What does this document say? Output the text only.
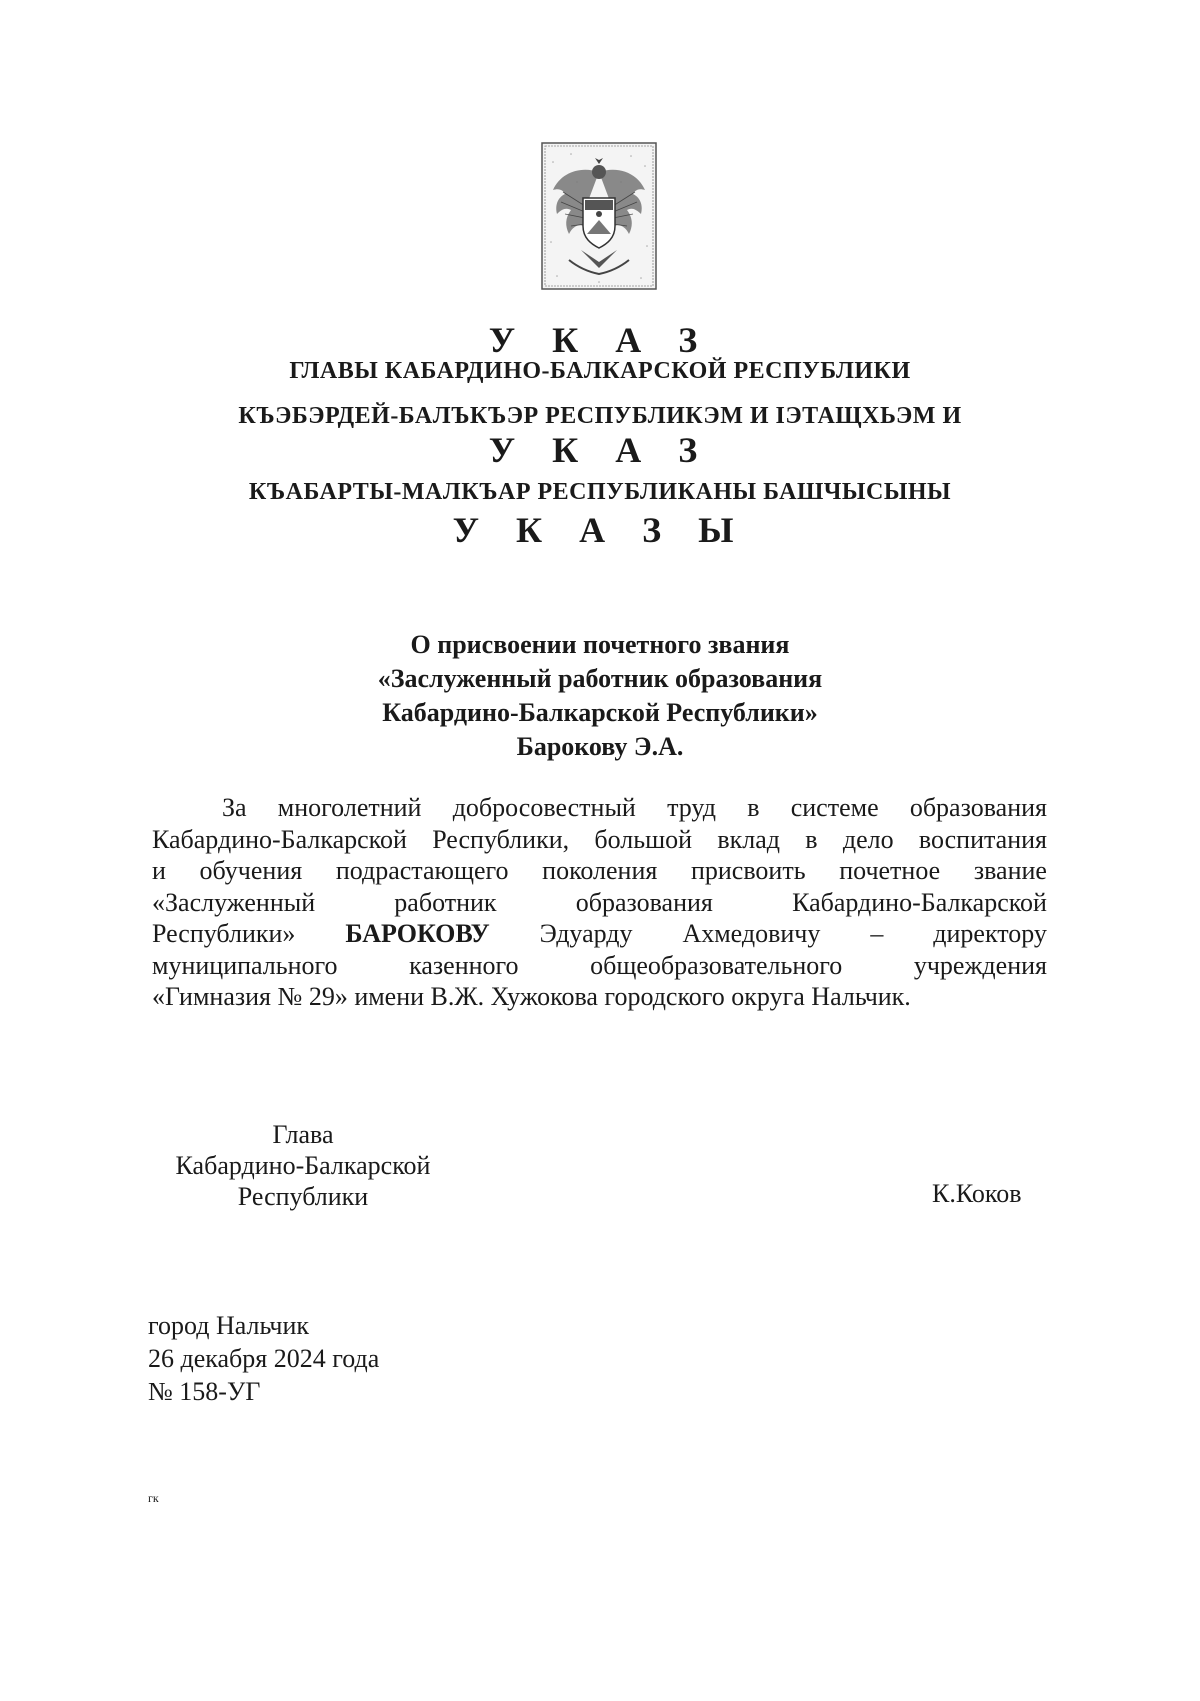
У К А З
ГЛАВЫ КАБАРДИНО-БАЛКАРСКОЙ РЕСПУБЛИКИ
КЪЭБЭРДЕЙ-БАЛЪКЪЭР РЕСПУБЛИКЭМ И IЭТАЩХЬЭМ И
У К А З
КЪАБАРТЫ-МАЛКЪАР РЕСПУБЛИКАНЫ БАШЧЫСЫНЫ
У К А З Ы
О присвоении почетного звания
«Заслуженный работник образования
Кабардино-Балкарской Республики»
Барокову Э.А.
За многолетний добросовестный труд в системе образования
Кабардино-Балкарской Республики, большой вклад в дело воспитания
и обучения подрастающего поколения присвоить почетное звание
«Заслуженный	работник	образования	Кабардино-Балкарской
Республики» БАРОКОВУ Эдуарду Ахмедовичу – директору
муниципального	казенного	общеобразовательного	учреждения
«Гимназия № 29» имени В.Ж. Хужокова городского округа Нальчик.
Глава
Кабардино-Балкарской
Республики	К.Коков
город Нальчик
26 декабря 2024 года
№ 158-УГ
гк
